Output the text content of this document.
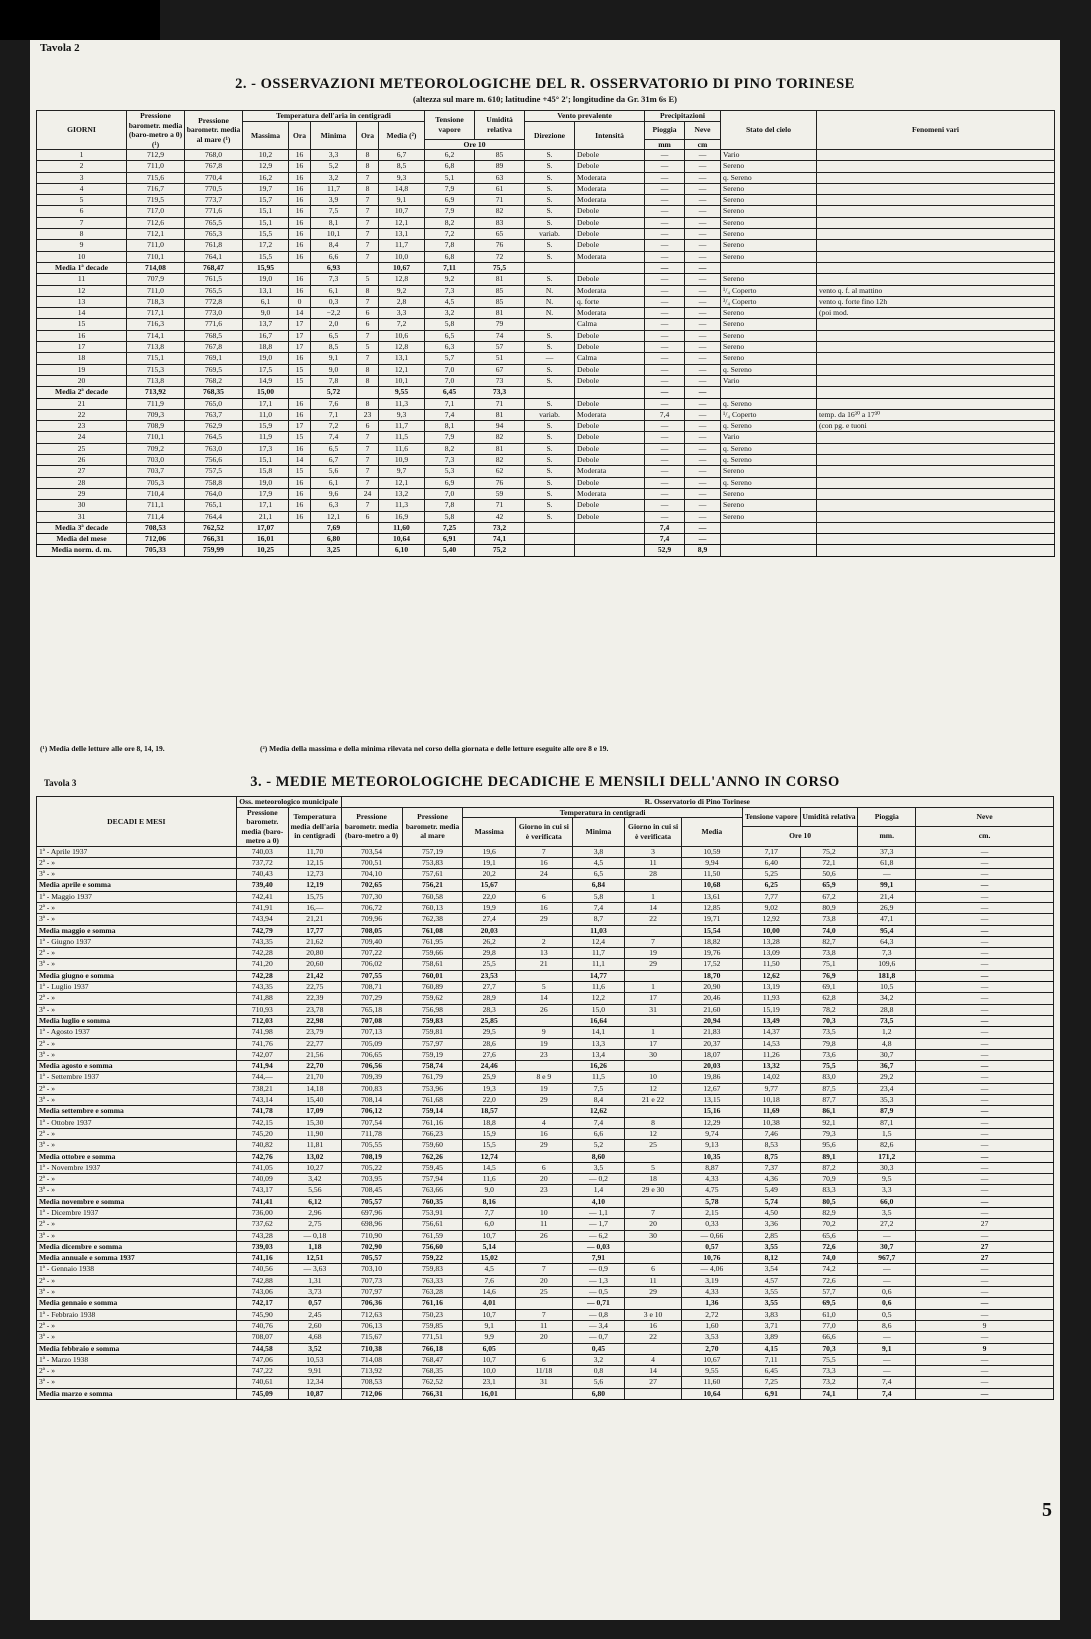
Tavola 2
2. - OSSERVAZIONI METEOROLOGICHE DEL R. OSSERVATORIO DI PINO TORINESE
(altezza sul mare m. 610; latitudine +45° 2'; longitudine da Gr. 31m 6s E)
GIORNI	Pressione barometr. media (baro-metro a 0) (¹)	Pressione barometr. media al mare (¹)	Temperatura dell'aria in centigradi					Tensione vapore	Umidità relativa	Vento prevalente		Precipitazioni		Stato del cielo	Fenomeni vari
			Massima	Ora	Minima	Ora	Media (²)			Direzione	Intensità	Pioggia	Neve		
								Ore 10				mm	cm		
1	712,9	768,0	10,2	16	3,3	8	6,7	6,2	85	S.	Debole	—	—	Vario	
2	711,0	767,8	12,9	16	5,2	8	8,5	6,8	89	S.	Debole	—	—	Sereno	
3	715,6	770,4	16,2	16	3,2	7	9,3	5,1	63	S.	Moderata	—	—	q. Sereno	
4	716,7	770,5	19,7	16	11,7	8	14,8	7,9	61	S.	Moderata	—	—	Sereno	
5	719,5	773,7	15,7	16	3,9	7	9,1	6,9	71	S.	Moderata	—	—	Sereno	
6	717,0	771,6	15,1	16	7,5	7	10,7	7,9	82	S.	Debole	—	—	Sereno	
7	712,6	765,5	15,1	16	8,1	7	12,1	8,2	83	S.	Debole	—	—	Sereno	
8	712,1	765,3	15,5	16	10,1	7	13,1	7,2	65	variab.	Debole	—	—	Sereno	
9	711,0	761,8	17,2	16	8,4	7	11,7	7,8	76	S.	Debole	—	—	Sereno	
10	710,1	764,1	15,5	16	6,6	7	10,0	6,8	72	S.	Moderata	—	—	Sereno	
Media 1ª decade	714,08	768,47	15,95		6,93		10,67	7,11	75,5			—	—		
11	707,9	761,5	19,0	16	7,3	5	12,8	9,2	81	S.	Debole	—	—	Sereno	
12	711,0	765,5	13,1	16	6,1	8	9,2	7,3	85	N.	Moderata	—	—	¹/₄ Coperto	vento q. f. al mattino
13	718,3	772,8	6,1	0	0,3	7	2,8	4,5	85	N.	q. forte	—	—	³/₄ Coperto	vento q. forte fino 12h
14	717,1	773,0	9,0	14	−2,2	6	3,3	3,2	81	N.	Moderata	—	—	Sereno	(poi mod.
15	716,3	771,6	13,7	17	2,0	6	7,2	5,8	79		Calma	—	—	Sereno	
16	714,1	768,5	16,7	17	6,5	7	10,6	6,5	74	S.	Debole	—	—	Sereno	
17	713,8	767,8	18,8	17	8,5	5	12,8	6,3	57	S.	Debole	—	—	Sereno	
18	715,1	769,1	19,0	16	9,1	7	13,1	5,7	51	—	Calma	—	—	Sereno	
19	715,3	769,5	17,5	15	9,0	8	12,1	7,0	67	S.	Debole	—	—	q. Sereno	
20	713,8	768,2	14,9	15	7,8	8	10,1	7,0	73	S.	Debole	—	—	Vario	
Media 2ª decade	713,92	768,35	15,00		5,72		9,55	6,45	73,3			—	—		
21	711,9	765,0	17,1	16	7,6	8	11,3	7,1	71	S.	Debole	—	—	q. Sereno	
22	709,3	763,7	11,0	16	7,1	23	9,3	7,4	81	variab.	Moderata	7,4	—	¹/₄ Coperto	temp. da 16³⁰ a 17³⁰
23	708,9	762,9	15,9	17	7,2	6	11,7	8,1	94	S.	Debole	—	—	q. Sereno	(con pg. e tuoni
24	710,1	764,5	11,9	15	7,4	7	11,5	7,9	82	S.	Debole	—	—	Vario	
25	709,2	763,0	17,3	16	6,5	7	11,6	8,2	81	S.	Debole	—	—	q. Sereno	
26	703,0	756,6	15,1	14	6,7	7	10,9	7,3	82	S.	Debole	—	—	q. Sereno	
27	703,7	757,5	15,8	15	5,6	7	9,7	5,3	62	S.	Moderata	—	—	Sereno	
28	705,3	758,8	19,0	16	6,1	7	12,1	6,9	76	S.	Debole	—	—	q. Sereno	
29	710,4	764,0	17,9	16	9,6	24	13,2	7,0	59	S.	Moderata	—	—	Sereno	
30	711,1	765,1	17,1	16	6,3	7	11,3	7,8	71	S.	Debole	—	—	Sereno	
31	711,4	764,4	21,1	16	12,1	6	16,9	5,8	42	S.	Debole	—	—	Sereno	
Media 3ª decade	708,53	762,52	17,07		7,69		11,60	7,25	73,2			7,4	—		
Media del mese	712,06	766,31	16,01		6,80		10,64	6,91	74,1			7,4	—		
Media norm. d. m.	705,33	759,99	10,25		3,25		6,10	5,40	75,2			52,9	8,9		
(¹) Media delle letture alle ore 8, 14, 19.	(²) Media della massima e della minima rilevata nel corso della giornata e delle letture eseguite alle ore 8 e 19.
Tavola 3	3. - MEDIE METEOROLOGICHE DECADICHE E MENSILI DELL'ANNO IN CORSO
DECADI E MESI	Oss. meteorologico municipale		R. Osservatorio di Pino Torinese										
	Pressione barometr. media (baro-metro a 0)	Temperatura media dell'aria in centigradi	Pressione barometr. media (baro-metro a 0)	Pressione barometr. media al mare	Temperatura in centigradi					Tensione vapore	Umidità relativa	Pioggia	Neve
					Massima	Giorno in cui si è verificata	Minima	Giorno in cui si è verificata	Media				
										Ore 10		mm.	cm.
1ª - Aprile 1937	740,03	11,70	703,54	757,19	19,6	7	3,8	3	10,59	7,17	75,2	37,3	—
2ª - »	737,72	12,15	700,51	753,83	19,1	16	4,5	11	9,94	6,40	72,1	61,8	—
3ª - »	740,43	12,73	704,10	757,61	20,2	24	6,5	28	11,50	5,25	50,6	—	—
Media aprile e somma	739,40	12,19	702,65	756,21	15,67		6,84		10,68	6,25	65,9	99,1	—
1ª - Maggio 1937	742,41	15,75	707,30	760,58	22,0	6	5,8	1	13,61	7,77	67,2	21,4	—
2ª - »	741,91	16,—	706,72	760,13	19,9	16	7,4	14	12,85	9,02	80,9	26,9	—
3ª - »	743,94	21,21	709,96	762,38	27,4	29	8,7	22	19,71	12,92	73,8	47,1	—
Media maggio e somma	742,79	17,77	708,05	761,08	20,03		11,03		15,54	10,00	74,0	95,4	—
1ª - Giugno 1937	743,35	21,62	709,40	761,95	26,2	2	12,4	7	18,82	13,28	82,7	64,3	—
2ª - »	742,28	20,80	707,22	759,66	29,8	13	11,7	19	19,76	13,09	73,8	7,3	—
3ª - »	741,20	20,60	706,02	758,61	25,5	21	11,1	29	17,52	11,50	75,1	109,6	—
Media giugno e somma	742,28	21,42	707,55	760,01	23,53		14,77		18,70	12,62	76,9	181,8	—
1ª - Luglio 1937	743,35	22,75	708,71	760,89	27,7	5	11,6	1	20,90	13,19	69,1	10,5	—
2ª - »	741,88	22,39	707,29	759,62	28,9	14	12,2	17	20,46	11,93	62,8	34,2	—
3ª - »	710,93	23,78	765,18	756,98	28,3	26	15,0	31	21,60	15,19	78,2	28,8	—
Media luglio e somma	712,03	22,98	707,08	759,83	25,85		16,64		20,94	13,49	70,3	73,5	—
1ª - Agosto 1937	741,98	23,79	707,13	759,81	29,5	9	14,1	1	21,83	14,37	73,5	1,2	—
2ª - »	741,76	22,77	705,09	757,97	28,6	19	13,3	17	20,37	14,53	79,8	4,8	—
3ª - »	742,07	21,56	706,65	759,19	27,6	23	13,4	30	18,07	11,26	73,6	30,7	—
Media agosto e somma	741,94	22,70	706,56	758,74	24,46		16,26		20,03	13,32	75,5	36,7	—
1ª - Settembre 1937	744,—	21,70	709,39	761,79	25,9	8 e 9	11,5	10	19,86	14,02	83,0	29,2	—
2ª - »	738,21	14,18	700,83	753,96	19,3	19	7,5	12	12,67	9,77	87,5	23,4	—
3ª - »	743,14	15,40	708,14	761,68	22,0	29	8,4	21 e 22	13,15	10,18	87,7	35,3	—
Media settembre e somma	741,78	17,09	706,12	759,14	18,57		12,62		15,16	11,69	86,1	87,9	—
1ª - Ottobre 1937	742,15	15,30	707,54	761,16	18,8	4	7,4	8	12,29	10,38	92,1	87,1	—
2ª - »	745,20	11,90	711,78	766,23	15,9	16	6,6	12	9,74	7,46	79,3	1,5	—
3ª - »	740,82	11,81	705,55	759,60	15,5	29	5,2	25	9,13	8,53	95,6	82,6	—
Media ottobre e somma	742,76	13,02	708,19	762,26	12,74		8,60		10,35	8,75	89,1	171,2	—
1ª - Novembre 1937	741,05	10,27	705,22	759,45	14,5	6	3,5	5	8,87	7,37	87,2	30,3	—
2ª - »	740,09	3,42	703,95	757,94	11,6	20	— 0,2	18	4,33	4,36	70,9	9,5	—
3ª - »	743,17	5,56	708,45	763,66	9,0	23	1,4	29 e 30	4,75	5,49	83,3	3,3	—
Media novembre e somma	741,41	6,12	705,57	760,35	8,16		4,10		5,78	5,74	80,5	66,0	—
1ª - Dicembre 1937	736,00	2,96	697,96	753,91	7,7	10	— 1,1	7	2,15	4,50	82,9	3,5	—
2ª - »	737,62	2,75	698,96	756,61	6,0	11	— 1,7	20	0,33	3,36	70,2	27,2	27
3ª - »	743,28	— 0,18	710,90	761,59	10,7	26	— 6,2	30	— 0,66	2,85	65,6	—	—
Media dicembre e somma	739,03	1,18	702,90	756,60	5,14		— 0,03		0,57	3,55	72,6	30,7	27
Media annuale e somma 1937	741,16	12,51	705,57	759,22	15,02		7,91		10,76	8,12	74,0	967,7	27
1ª - Gennaio 1938	740,56	— 3,63	703,10	759,83	4,5	7	— 0,9	6	— 4,06	3,54	74,2	—	—
2ª - »	742,88	1,31	707,73	763,33	7,6	20	— 1,3	11	3,19	4,57	72,6	—	—
3ª - »	743,06	3,73	707,97	763,28	14,6	25	— 0,5	29	4,33	3,55	57,7	0,6	—
Media gennaio e somma	742,17	0,57	706,36	761,16	4,01		— 0,71		1,36	3,55	69,5	0,6	—
1ª - Febbraio 1938	745,90	2,45	712,63	750,23	10,7	7	— 0,8	3 e 10	2,72	3,83	61,0	0,5	—
2ª - »	740,76	2,60	706,13	759,85	9,1	11	— 3,4	16	1,60	3,71	77,0	8,6	9
3ª - »	708,07	4,68	715,67	771,51	9,9	20	— 0,7	22	3,53	3,89	66,6	—	—
Media febbraio e somma	744,58	3,52	710,38	766,18	6,05		0,45		2,70	4,15	70,3	9,1	9
1ª - Marzo 1938	747,06	10,53	714,08	768,47	10,7	6	3,2	4	10,67	7,11	75,5	—	—
2ª - »	747,22	9,91	713,92	768,35	10,0	11/18	0,8	14	9,55	6,45	73,3	—	—
3ª - »	740,61	12,34	708,53	762,52	23,1	31	5,6	27	11,60	7,25	73,2	7,4	—
Media marzo e somma	745,09	10,87	712,06	766,31	16,01		6,80		10,64	6,91	74,1	7,4	—
5
